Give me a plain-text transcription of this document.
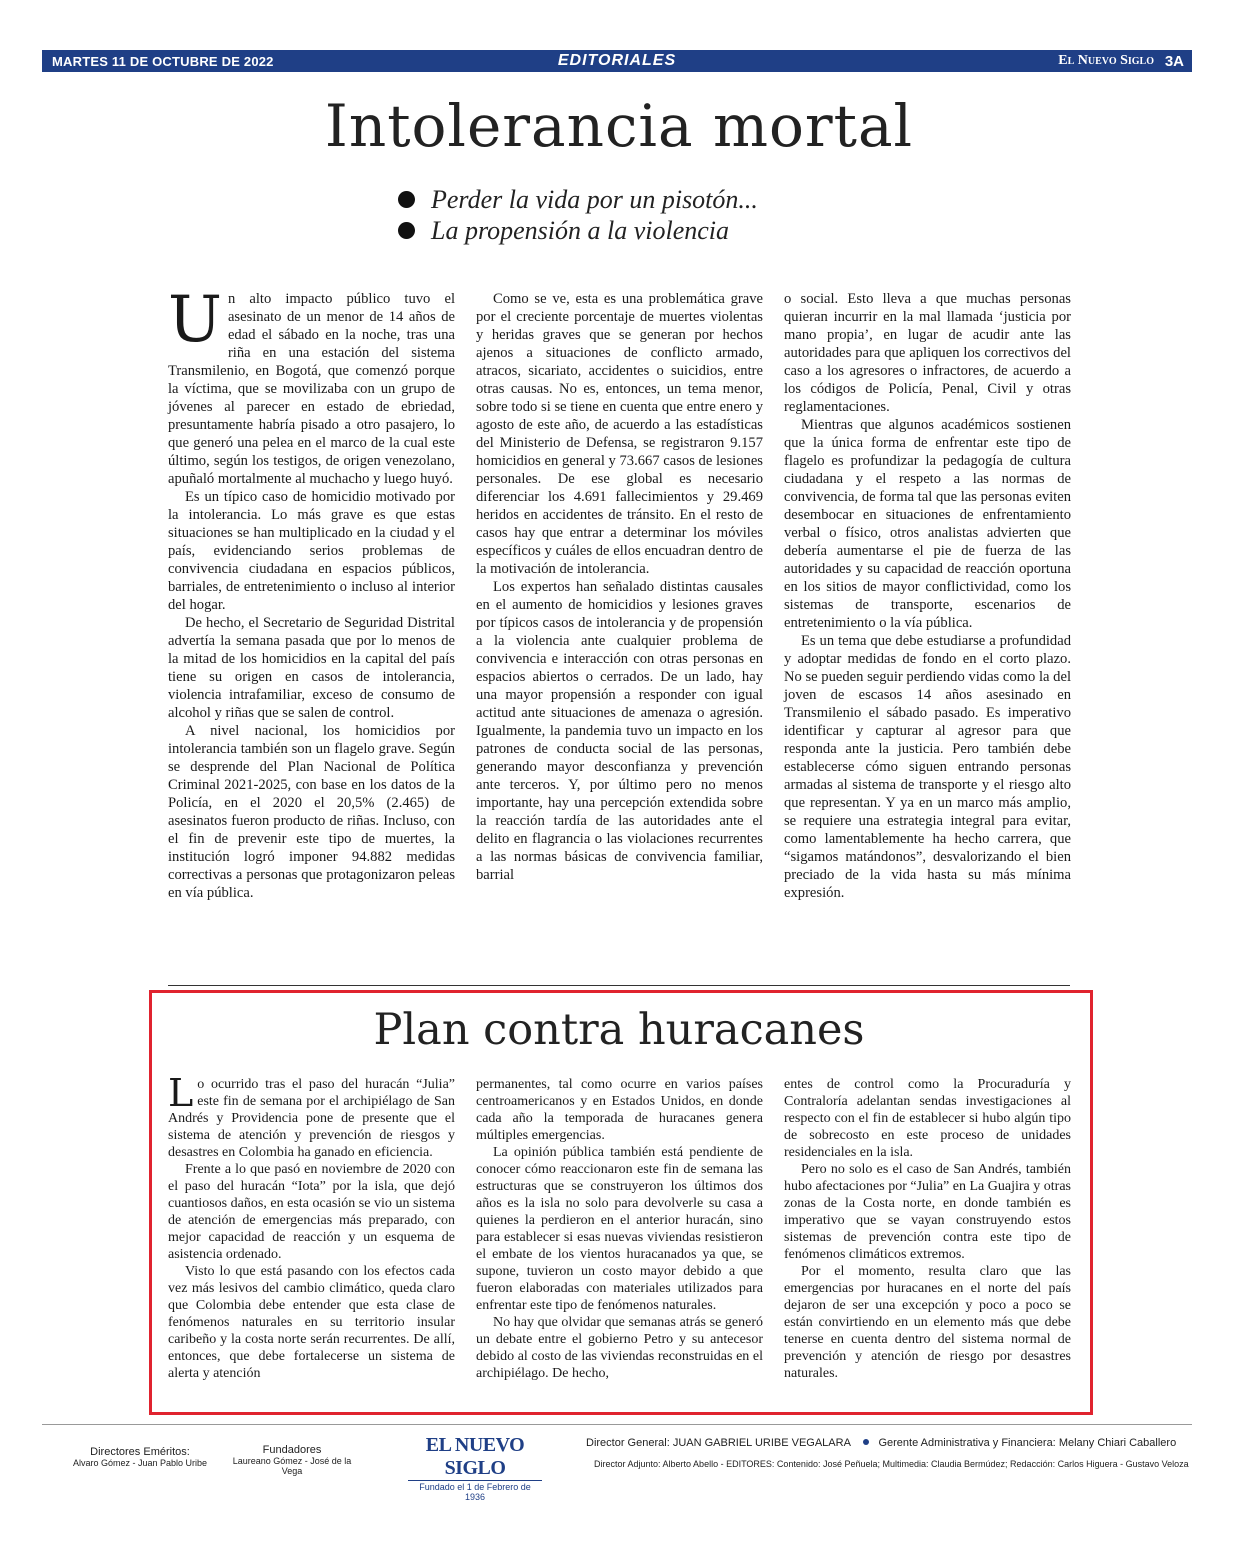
MARTES 11 DE OCTUBRE DE 2022	EDITORIALES	El Nuevo Siglo 3A
Intolerancia mortal
Perder la vida por un pisotón...
La propensión a la violencia

Un alto impacto público tuvo el asesinato de un menor de 14 años de edad el sábado en la noche, tras una riña en una estación del sistema Transmilenio, en Bogotá, que comenzó porque la víctima, que se movilizaba con un grupo de jóvenes al parecer en estado de ebriedad, presuntamente habría pisado a otro pasajero, lo que generó una pelea en el marco de la cual este último, según los testigos, de origen venezolano, apuñaló mortalmente al muchacho y luego huyó.

Es un típico caso de homicidio motivado por la intolerancia. Lo más grave es que estas situaciones se han multiplicado en la ciudad y el país, evidenciando serios problemas de convivencia ciudadana en espacios públicos, barriales, de entretenimiento o incluso al interior del hogar.

De hecho, el Secretario de Seguridad Distrital advertía la semana pasada que por lo menos de la mitad de los homicidios en la capital del país tiene su origen en casos de intolerancia, violencia intrafamiliar, exceso de consumo de alcohol y riñas que se salen de control.

A nivel nacional, los homicidios por intolerancia también son un flagelo grave. Según se desprende del Plan Nacional de Política Criminal 2021-2025, con base en los datos de la Policía, en el 2020 el 20,5% (2.465) de asesinatos fueron producto de riñas. Incluso, con el fin de prevenir este tipo de muertes, la institución logró imponer 94.882 medidas correctivas a personas que protagonizaron peleas en vía pública.

Como se ve, esta es una problemática grave por el creciente porcentaje de muertes violentas y heridas graves que se generan por hechos ajenos a situaciones de conflicto armado, atracos, sicariato, accidentes o suicidios, entre otras causas. No es, entonces, un tema menor, sobre todo si se tiene en cuenta que entre enero y agosto de este año, de acuerdo a las estadísticas del Ministerio de Defensa, se registraron 9.157 homicidios en general y 73.667 casos de lesiones personales. De ese global es necesario diferenciar los 4.691 fallecimientos y 29.469 heridos en accidentes de tránsito. En el resto de casos hay que entrar a determinar los móviles específicos y cuáles de ellos encuadran dentro de la motivación de intolerancia.

Los expertos han señalado distintas causales en el aumento de homicidios y lesiones graves por típicos casos de intolerancia y de propensión a la violencia ante cualquier problema de convivencia e interacción con otras personas en espacios abiertos o cerrados. De un lado, hay una mayor propensión a responder con igual actitud ante situaciones de amenaza o agresión. Igualmente, la pandemia tuvo un impacto en los patrones de conducta social de las personas, generando mayor desconfianza y prevención ante terceros. Y, por último pero no menos importante, hay una percepción extendida sobre la reacción tardía de las autoridades ante el delito en flagrancia o las violaciones recurrentes a las normas básicas de convivencia familiar, barrial

o social. Esto lleva a que muchas personas quieran incurrir en la mal llamada ‘justicia por mano propia’, en lugar de acudir ante las autoridades para que apliquen los correctivos del caso a los agresores o infractores, de acuerdo a los códigos de Policía, Penal, Civil y otras reglamentaciones.

Mientras que algunos académicos sostienen que la única forma de enfrentar este tipo de flagelo es profundizar la pedagogía de cultura ciudadana y el respeto a las normas de convivencia, de forma tal que las personas eviten desembocar en situaciones de enfrentamiento verbal o físico, otros analistas advierten que debería aumentarse el pie de fuerza de las autoridades y su capacidad de reacción oportuna en los sitios de mayor conflictividad, como los sistemas de transporte, escenarios de entretenimiento o la vía pública.

Es un tema que debe estudiarse a profundidad y adoptar medidas de fondo en el corto plazo. No se pueden seguir perdiendo vidas como la del joven de escasos 14 años asesinado en Transmilenio el sábado pasado. Es imperativo identificar y capturar al agresor para que responda ante la justicia. Pero también debe establecerse cómo siguen entrando personas armadas al sistema de transporte y el riesgo alto que representan. Y ya en un marco más amplio, se requiere una estrategia integral para evitar, como lamentablemente ha hecho carrera, que “sigamos matándonos”, desvalorizando el bien preciado de la vida hasta su más mínima expresión.

Plan contra huracanes

Lo ocurrido tras el paso del huracán “Julia” este fin de semana por el archipiélago de San Andrés y Providencia pone de presente que el sistema de atención y prevención de riesgos y desastres en Colombia ha ganado en eficiencia.

Frente a lo que pasó en noviembre de 2020 con el paso del huracán “Iota” por la isla, que dejó cuantiosos daños, en esta ocasión se vio un sistema de atención de emergencias más preparado, con mejor capacidad de reacción y un esquema de asistencia ordenado.

Visto lo que está pasando con los efectos cada vez más lesivos del cambio climático, queda claro que Colombia debe entender que esta clase de fenómenos naturales en su territorio insular caribeño y la costa norte serán recurrentes. De allí, entonces, que debe fortalecerse un sistema de alerta y atención

permanentes, tal como ocurre en varios países centroamericanos y en Estados Unidos, en donde cada año la temporada de huracanes genera múltiples emergencias.

La opinión pública también está pendiente de conocer cómo reaccionaron este fin de semana las estructuras que se construyeron los últimos dos años es la isla no solo para devolverle su casa a quienes la perdieron en el anterior huracán, sino para establecer si esas nuevas viviendas resistieron el embate de los vientos huracanados ya que, se supone, tuvieron un costo mayor debido a que fueron elaboradas con materiales utilizados para enfrentar este tipo de fenómenos naturales.

No hay que olvidar que semanas atrás se generó un debate entre el gobierno Petro y su antecesor debido al costo de las viviendas reconstruidas en el archipiélago. De hecho,

entes de control como la Procuraduría y Contraloría adelantan sendas investigaciones al respecto con el fin de establecer si hubo algún tipo de sobrecosto en este proceso de unidades residenciales en la isla.

Pero no solo es el caso de San Andrés, también hubo afectaciones por “Julia” en La Guajira y otras zonas de la Costa norte, en donde también es imperativo que se vayan construyendo estos sistemas de prevención contra este tipo de fenómenos climáticos extremos.

Por el momento, resulta claro que las emergencias por huracanes en el norte del país dejaron de ser una excepción y poco a poco se están convirtiendo en un elemento más que debe tenerse en cuenta dentro del sistema normal de prevención y atención de riesgo por desastres naturales.

Directores Eméritos:
Alvaro Gómez - Juan Pablo Uribe
Fundadores
Laureano Gómez - José de la Vega
EL NUEVO SIGLO
Fundado el 1 de Febrero de 1936
Director General: JUAN GABRIEL URIBE VEGALARA	Gerente Administrativa y Financiera: Melany Chiari Caballero
Director Adjunto: Alberto Abello - EDITORES: Contenido: José Peñuela; Multimedia: Claudia Bermúdez; Redacción: Carlos Higuera - Gustavo Veloza
